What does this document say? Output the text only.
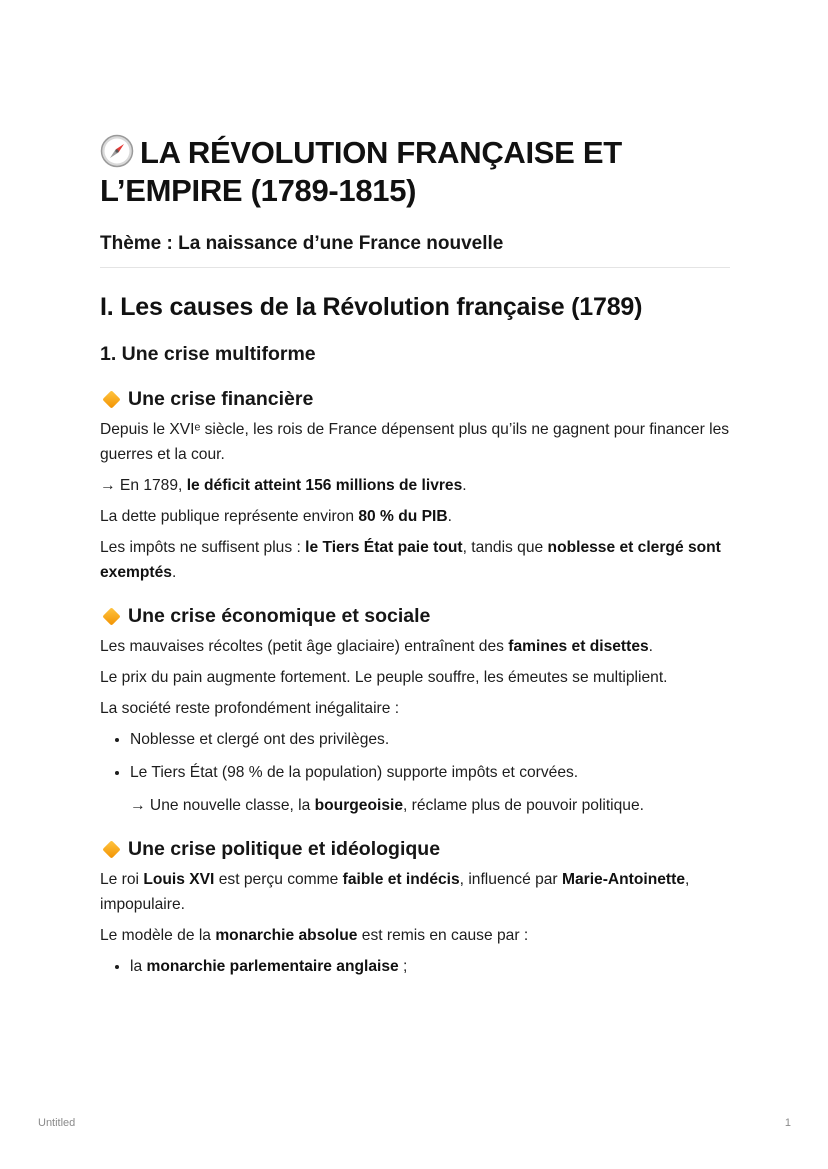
LA RÉVOLUTION FRANÇAISE ET
L’EMPIRE (1789-1815)
Thème : La naissance d’une France nouvelle
I. Les causes de la Révolution française (1789)
1. Une crise multiforme
Une crise financière

Depuis le XVIᵉ siècle, les rois de France dépensent plus qu’ils ne gagnent pour financer les guerres et la cour.

→ En 1789, le déficit atteint 156 millions de livres.

La dette publique représente environ 80 % du PIB.

Les impôts ne suffisent plus : le Tiers État paie tout, tandis que noblesse et clergé sont exemptés.

Une crise économique et sociale

Les mauvaises récoltes (petit âge glaciaire) entraînent des famines et disettes.

Le prix du pain augmente fortement. Le peuple souffre, les émeutes se multiplient.

La société reste profondément inégalitaire :

• Noblesse et clergé ont des privilèges.
• Le Tiers État (98 % de la population) supporte impôts et corvées.
→ Une nouvelle classe, la bourgeoisie, réclame plus de pouvoir politique.
Une crise politique et idéologique

Le roi Louis XVI est perçu comme faible et indécis, influencé par Marie-Antoinette, impopulaire.

Le modèle de la monarchie absolue est remis en cause par :

• la monarchie parlementaire anglaise ;
Untitled	1
